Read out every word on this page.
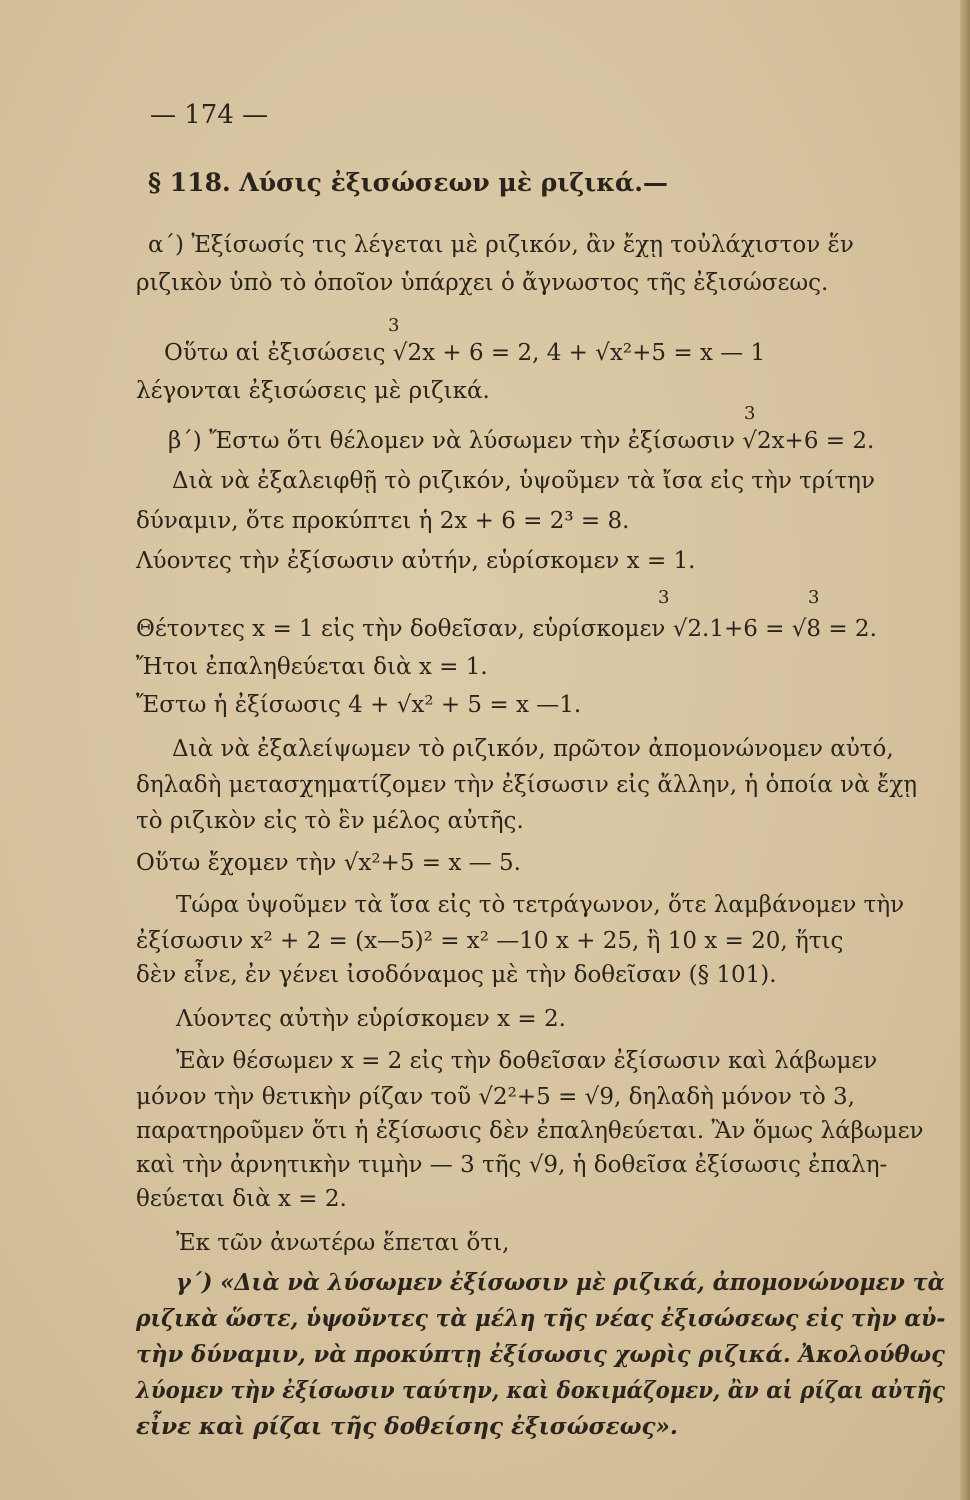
— 174 —
§ 118. Λύσις ἐξισώσεων μὲ ριζικά.—
3
3
3	3
α΄) Ἐξίσωσίς τις λέγεται μὲ ριζικόν, ἂν ἔχῃ τοὐλάχιστον ἕν
ριζικὸν ὑπὸ τὸ ὁποῖον ὑπάρχει ὁ ἄγνωστος τῆς ἐξισώσεως.
Οὕτω αἱ ἐξισώσεις √2x + 6 = 2, 4 + √x²+5 = x — 1
λέγονται ἐξισώσεις μὲ ριζικά.
β΄) Ἔστω ὅτι θέλομεν νὰ λύσωμεν τὴν ἐξίσωσιν √2x+6 = 2.
Διὰ νὰ ἐξαλειφθῇ τὸ ριζικόν, ὑψοῦμεν τὰ ἴσα εἰς τὴν τρίτην
δύναμιν, ὅτε προκύπτει ἡ 2x + 6 = 2³ = 8.
Λύοντες τὴν ἐξίσωσιν αὐτήν, εὑρίσκομεν x = 1.
Θέτοντες x = 1 εἰς τὴν δοθεῖσαν, εὑρίσκομεν √2.1+6 = √8 = 2.
Ἤτοι ἐπαληθεύεται διὰ x = 1.
Ἔστω ἡ ἐξίσωσις 4 + √x² + 5 = x —1.
Διὰ νὰ ἐξαλείψωμεν τὸ ριζικόν, πρῶτον ἀπομονώνομεν αὐτό,
δηλαδὴ μετασχηματίζομεν τὴν ἐξίσωσιν εἰς ἄλλην, ἡ ὁποία νὰ ἔχῃ
τὸ ριζικὸν εἰς τὸ ἓν μέλος αὐτῆς.
Οὕτω ἔχομεν τὴν √x²+5 = x — 5.
Τώρα ὑψοῦμεν τὰ ἴσα εἰς τὸ τετράγωνον, ὅτε λαμβάνομεν τὴν
ἐξίσωσιν x² + 2 = (x—5)² = x² —10 x + 25, ἢ 10 x = 20, ἥτις
δὲν εἶνε, ἐν γένει ἰσοδόναμος μὲ τὴν δοθεῖσαν (§ 101).
Λύοντες αὐτὴν εὑρίσκομεν x = 2.
Ἐὰν θέσωμεν x = 2 εἰς τὴν δοθεῖσαν ἐξίσωσιν καὶ λάβωμεν
μόνον τὴν θετικὴν ρίζαν τοῦ √2²+5 = √9, δηλαδὴ μόνον τὸ 3,
παρατηροῦμεν ὅτι ἡ ἐξίσωσις δὲν ἐπαληθεύεται. Ἂν ὅμως λάβωμεν
καὶ τὴν ἀρνητικὴν τιμὴν — 3 τῆς √9, ἡ δοθεῖσα ἐξίσωσις ἐπαλη-
θεύεται διὰ x = 2.
Ἐκ τῶν ἀνωτέρω ἕπεται ὅτι,
γ΄) «Διὰ νὰ λύσωμεν ἐξίσωσιν μὲ ριζικά, ἀπομονώνομεν τὰ
ριζικὰ ὥστε, ὑψοῦντες τὰ μέλη τῆς νέας ἐξισώσεως εἰς τὴν αὐ-
τὴν δύναμιν, νὰ προκύπτῃ ἐξίσωσις χωρὶς ριζικά. Ἀκολούθως
λύομεν τὴν ἐξίσωσιν ταύτην, καὶ δοκιμάζομεν, ἂν αἱ ρίζαι αὐτῆς
εἶνε καὶ ρίζαι τῆς δοθείσης ἐξισώσεως».
